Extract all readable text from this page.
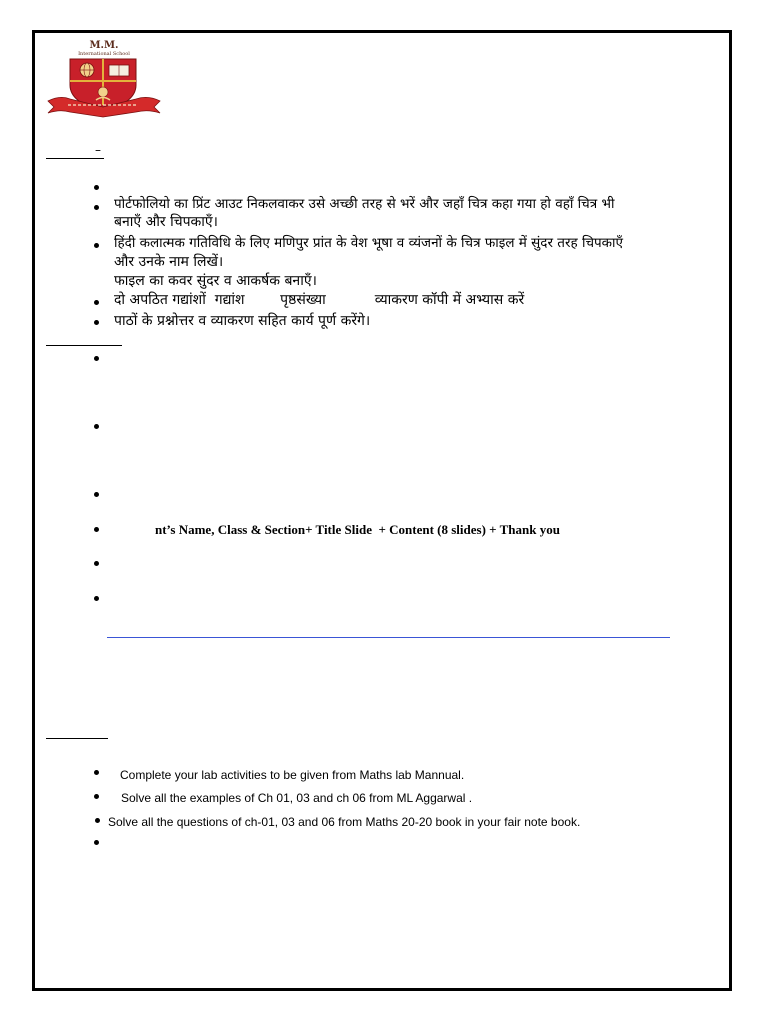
M.M.
International School
–
पोर्टफोलियो का प्रिंट आउट निकलवाकर उसे अच्छी तरह से भरें और जहाँ चित्र कहा गया हो वहाँ चित्र भी
बनाएँ और चिपकाएँ।
हिंदी कलात्मक गतिविधि के लिए मणिपुर प्रांत के वेश भूषा व व्यंजनों के चित्र फाइल में सुंदर तरह चिपकाएँ
और उनके नाम लिखें।
फाइल का कवर सुंदर व आकर्षक बनाएँ।
दो अपठित गद्यांशों  गद्यांश        पृष्ठसंख्या           व्याकरण कॉपी में अभ्यास करें
पाठों के प्रश्नोत्तर व व्याकरण सहित कार्य पूर्ण करेंगे।
nt’s Name, Class & Section+ Title Slide  + Content (8 slides) + Thank you
Complete your lab activities to be given from Maths lab Mannual.
Solve all the examples of Ch 01, 03 and ch 06 from ML Aggarwal .
Solve all the questions of ch-01, 03 and 06 from Maths 20-20 book in your fair note book.
